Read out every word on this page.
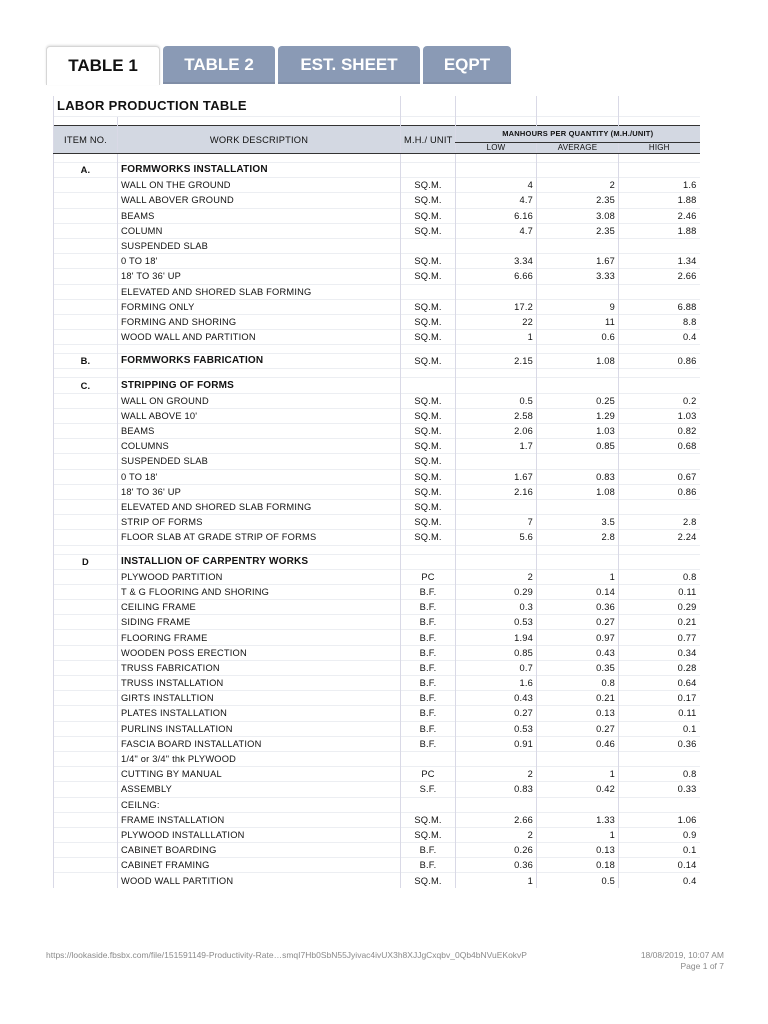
TABLE 1	TABLE 2	EST. SHEET	EQPT
LABOR PRODUCTION TABLE					

ITEM NO.	WORK DESCRIPTION	M.H./ UNIT	MANHOURS PER QUANTITY (M.H./UNIT)		
			LOW	AVERAGE	HIGH

A.	FORMWORKS INSTALLATION				
	WALL ON THE GROUND	SQ.M.	4	2	1.6
	WALL ABOVER GROUND	SQ.M.	4.7	2.35	1.88
	BEAMS	SQ.M.	6.16	3.08	2.46
	COLUMN	SQ.M.	4.7	2.35	1.88
	SUSPENDED SLAB				
	0 TO 18'	SQ.M.	3.34	1.67	1.34
	18' TO 36' UP	SQ.M.	6.66	3.33	2.66
	ELEVATED AND SHORED SLAB FORMING				
	FORMING ONLY	SQ.M.	17.2	9	6.88
	FORMING AND SHORING	SQ.M.	22	11	8.8
	WOOD WALL AND PARTITION	SQ.M.	1	0.6	0.4

B.	FORMWORKS FABRICATION	SQ.M.	2.15	1.08	0.86

C.	STRIPPING OF FORMS				
	WALL ON GROUND	SQ.M.	0.5	0.25	0.2
	WALL ABOVE 10'	SQ.M.	2.58	1.29	1.03
	BEAMS	SQ.M.	2.06	1.03	0.82
	COLUMNS	SQ.M.	1.7	0.85	0.68
	SUSPENDED SLAB	SQ.M.			
	0 TO 18'	SQ.M.	1.67	0.83	0.67
	18' TO 36' UP	SQ.M.	2.16	1.08	0.86
	ELEVATED AND SHORED SLAB FORMING	SQ.M.			
	STRIP OF FORMS	SQ.M.	7	3.5	2.8
	FLOOR SLAB AT GRADE STRIP OF FORMS	SQ.M.	5.6	2.8	2.24

D	INSTALLION OF CARPENTRY WORKS				
	PLYWOOD PARTITION	PC	2	1	0.8
	T & G FLOORING AND SHORING	B.F.	0.29	0.14	0.11
	CEILING FRAME	B.F.	0.3	0.36	0.29
	SIDING FRAME	B.F.	0.53	0.27	0.21
	FLOORING FRAME	B.F.	1.94	0.97	0.77
	WOODEN POSS ERECTION	B.F.	0.85	0.43	0.34
	TRUSS FABRICATION	B.F.	0.7	0.35	0.28
	TRUSS INSTALLATION	B.F.	1.6	0.8	0.64
	GIRTS INSTALLTION	B.F.	0.43	0.21	0.17
	PLATES INSTALLATION	B.F.	0.27	0.13	0.11
	PURLINS INSTALLATION	B.F.	0.53	0.27	0.1
	FASCIA BOARD INSTALLATION	B.F.	0.91	0.46	0.36
	1/4" or 3/4" thk PLYWOOD				
	CUTTING BY MANUAL	PC	2	1	0.8
	ASSEMBLY	S.F.	0.83	0.42	0.33
	CEILNG:				
	FRAME INSTALLATION	SQ.M.	2.66	1.33	1.06
	PLYWOOD INSTALLLATION	SQ.M.	2	1	0.9
	CABINET BOARDING	B.F.	0.26	0.13	0.1
	CABINET FRAMING	B.F.	0.36	0.18	0.14
	WOOD WALL PARTITION	SQ.M.	1	0.5	0.4
https://lookaside.fbsbx.com/file/151591149-Productivity-Rate…smqI7Hb0SbN55Jyivac4ivUX3h8XJJgCxqbv_0Qb4bNVuEKokvP	18/08/2019, 10:07 AM
Page 1 of 7
